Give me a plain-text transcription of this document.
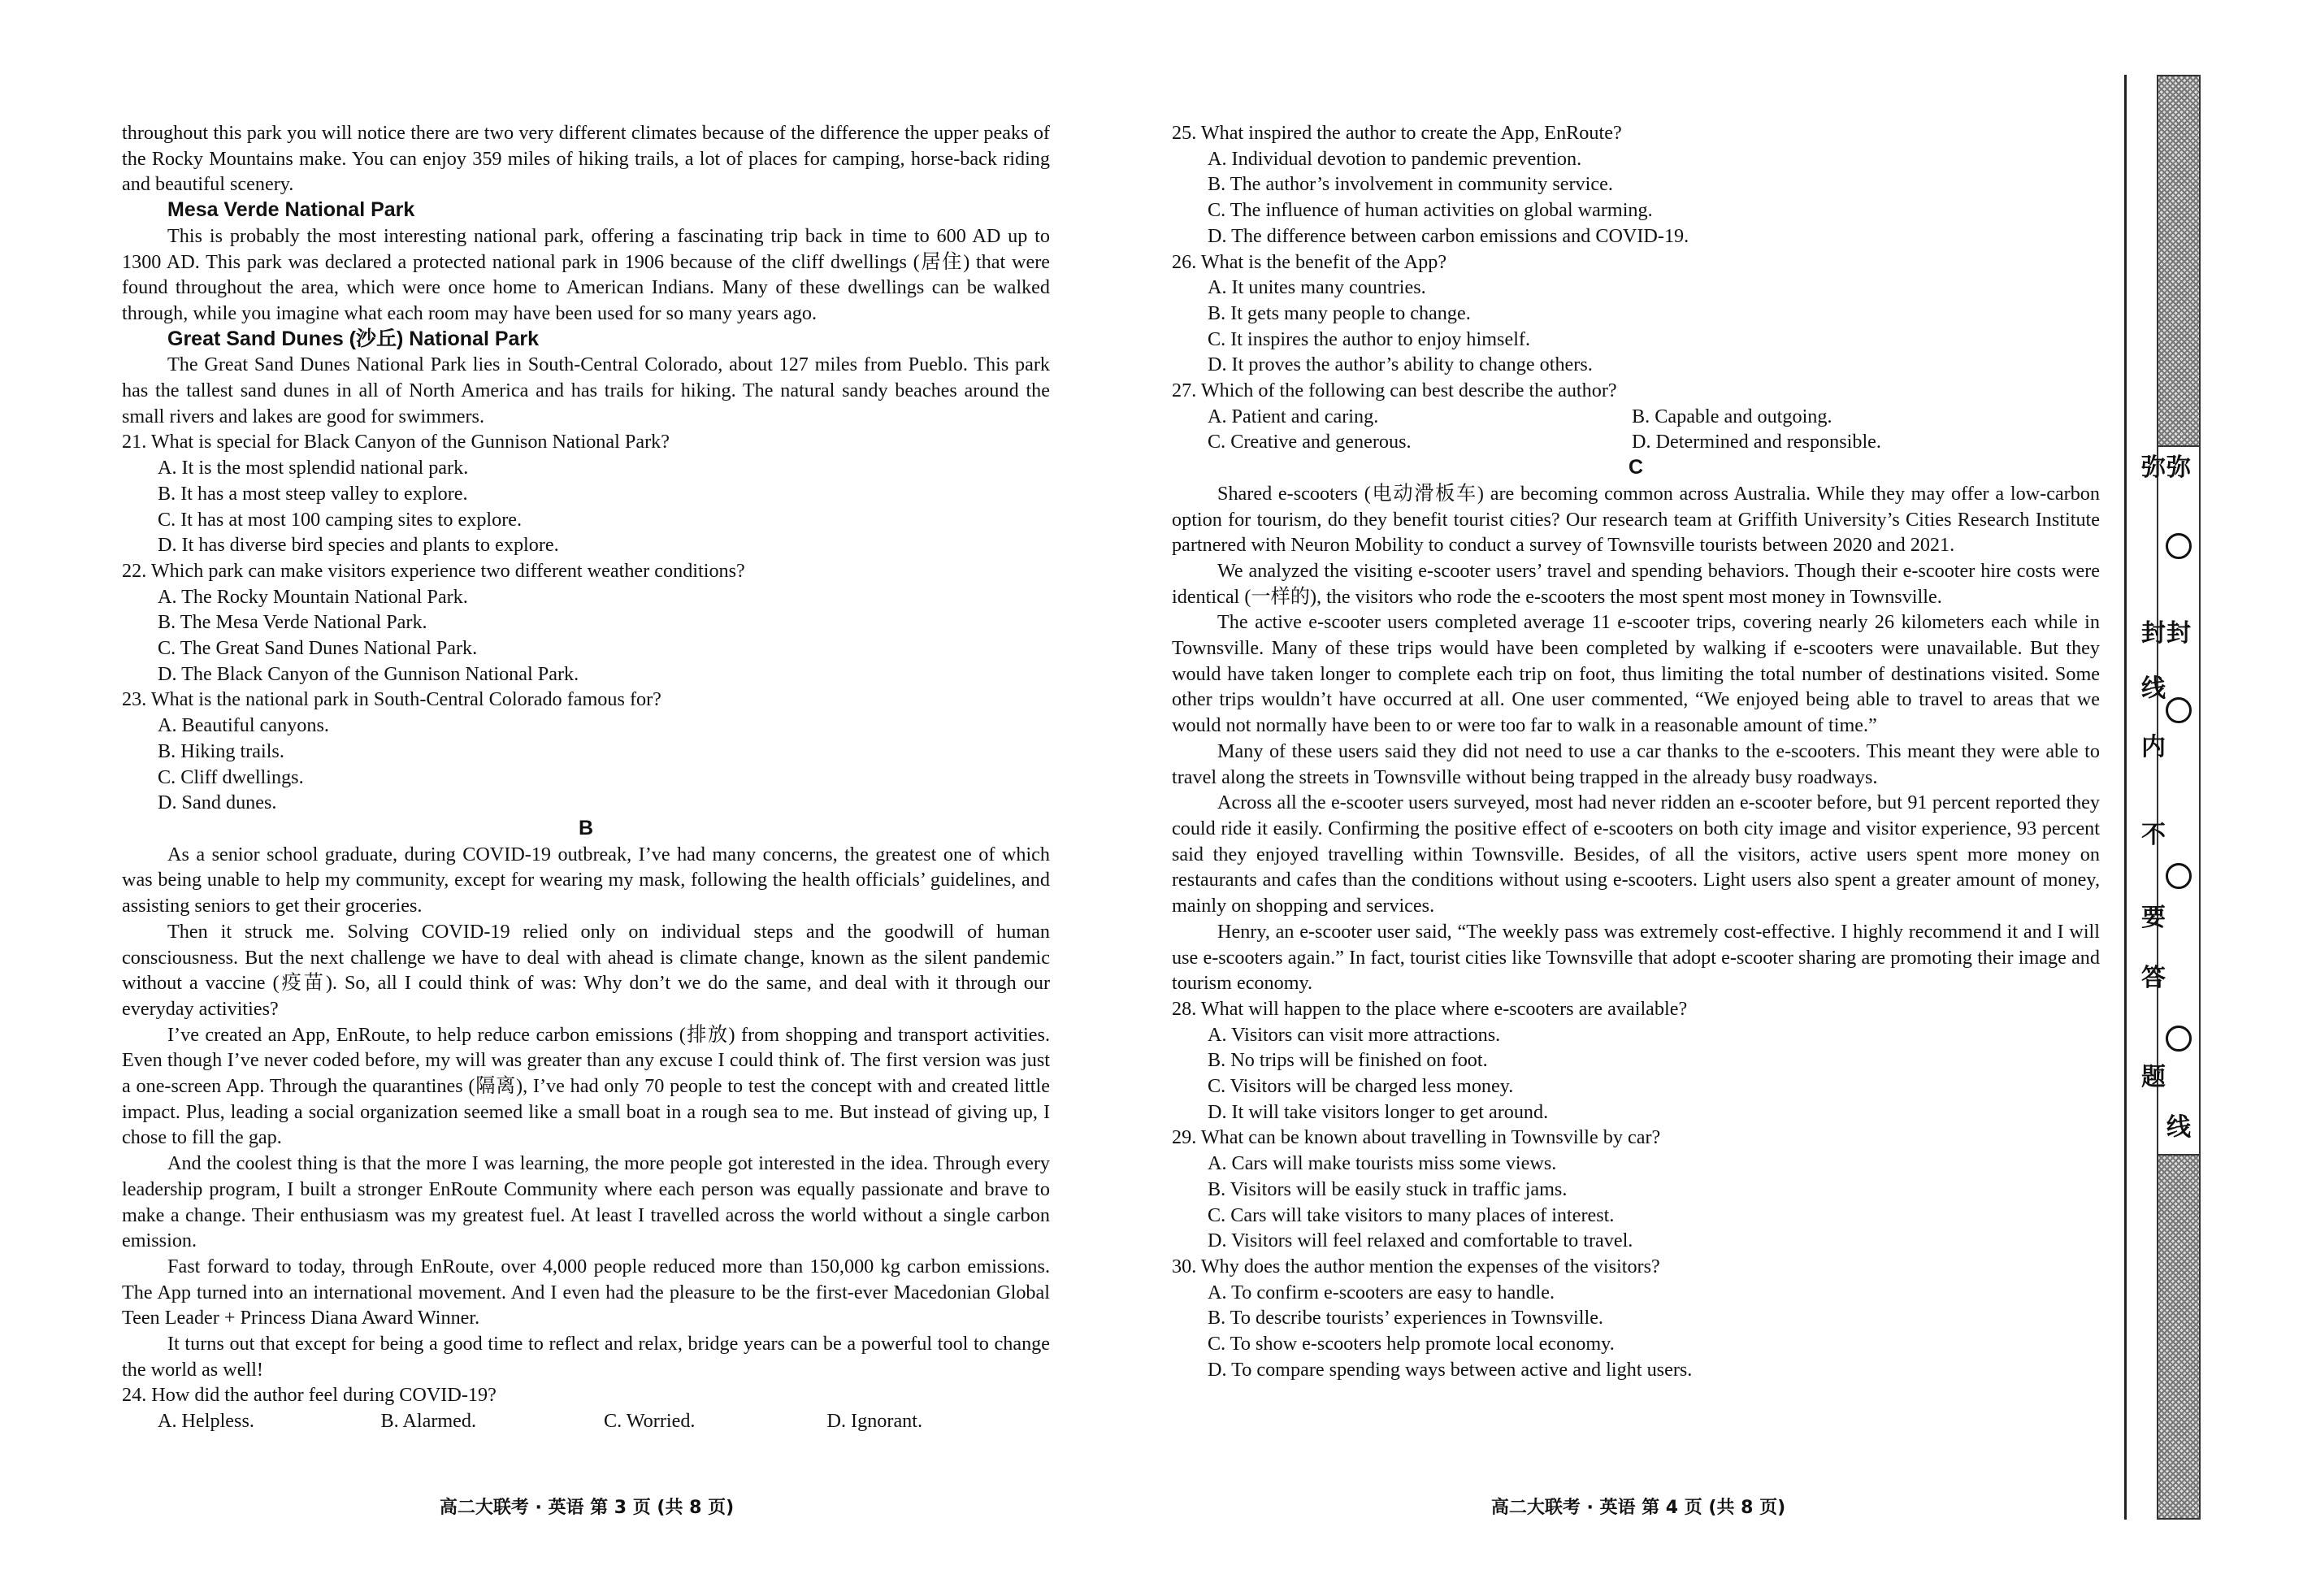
throughout this park you will notice there are two very different climates because of the difference the upper peaks of the Rocky Mountains make. You can enjoy 359 miles of hiking trails, a lot of places for camping, horse-back riding and beautiful scenery.

Mesa Verde National Park

This is probably the most interesting national park, offering a fascinating trip back in time to 600 AD up to 1300 AD. This park was declared a protected national park in 1906 because of the cliff dwellings (居住) that were found throughout the area, which were once home to American Indians. Many of these dwellings can be walked through, while you imagine what each room may have been used for so many years ago.

Great Sand Dunes (沙丘) National Park

The Great Sand Dunes National Park lies in South-Central Colorado, about 127 miles from Pueblo. This park has the tallest sand dunes in all of North America and has trails for hiking. The natural sandy beaches around the small rivers and lakes are good for swimmers.

21. What is special for Black Canyon of the Gunnison National Park?

A. It is the most splendid national park.

B. It has a most steep valley to explore.

C. It has at most 100 camping sites to explore.

D. It has diverse bird species and plants to explore.

22. Which park can make visitors experience two different weather conditions?

A. The Rocky Mountain National Park.

B. The Mesa Verde National Park.

C. The Great Sand Dunes National Park.

D. The Black Canyon of the Gunnison National Park.

23. What is the national park in South-Central Colorado famous for?

A. Beautiful canyons.

B. Hiking trails.

C. Cliff dwellings.

D. Sand dunes.

B

As a senior school graduate, during COVID-19 outbreak, I’ve had many concerns, the greatest one of which was being unable to help my community, except for wearing my mask, following the health officials’ guidelines, and assisting seniors to get their groceries.

Then it struck me. Solving COVID-19 relied only on individual steps and the goodwill of human consciousness. But the next challenge we have to deal with ahead is climate change, known as the silent pandemic without a vaccine (疫苗). So, all I could think of was: Why don’t we do the same, and deal with it through our everyday activities?

I’ve created an App, EnRoute, to help reduce carbon emissions (排放) from shopping and transport activities. Even though I’ve never coded before, my will was greater than any excuse I could think of. The first version was just a one-screen App. Through the quarantines (隔离), I’ve had only 70 people to test the concept with and created little impact. Plus, leading a social organization seemed like a small boat in a rough sea to me. But instead of giving up, I chose to fill the gap.

And the coolest thing is that the more I was learning, the more people got interested in the idea. Through every leadership program, I built a stronger EnRoute Community where each person was equally passionate and brave to make a change. Their enthusiasm was my greatest fuel. At least I travelled across the world without a single carbon emission.

Fast forward to today, through EnRoute, over 4,000 people reduced more than 150,000 kg carbon emissions. The App turned into an international movement. And I even had the pleasure to be the first-ever Macedonian Global Teen Leader + Princess Diana Award Winner.

It turns out that except for being a good time to reflect and relax, bridge years can be a powerful tool to change the world as well!

24. How did the author feel during COVID-19?

A. Helpless.	B. Alarmed.	C. Worried.	D. Ignorant.

25. What inspired the author to create the App, EnRoute?

A. Individual devotion to pandemic prevention.

B. The author’s involvement in community service.

C. The influence of human activities on global warming.

D. The difference between carbon emissions and COVID-19.

26. What is the benefit of the App?

A. It unites many countries.

B. It gets many people to change.

C. It inspires the author to enjoy himself.

D. It proves the author’s ability to change others.

27. Which of the following can best describe the author?

A. Patient and caring.	B. Capable and outgoing.
C. Creative and generous.	D. Determined and responsible.
C

Shared e-scooters (电动滑板车) are becoming common across Australia. While they may offer a low-carbon option for tourism, do they benefit tourist cities? Our research team at Griffith University’s Cities Research Institute partnered with Neuron Mobility to conduct a survey of Townsville tourists between 2020 and 2021.

We analyzed the visiting e-scooter users’ travel and spending behaviors. Though their e-scooter hire costs were identical (一样的), the visitors who rode the e-scooters the most spent most money in Townsville.

The active e-scooter users completed average 11 e-scooter trips, covering nearly 26 kilometers each while in Townsville. Many of these trips would have been completed by walking if e-scooters were unavailable. But they would have taken longer to complete each trip on foot, thus limiting the total number of destinations visited. Some other trips wouldn’t have occurred at all. One user commented, “We enjoyed being able to travel to areas that we would not normally have been to or were too far to walk in a reasonable amount of time.”

Many of these users said they did not need to use a car thanks to the e-scooters. This meant they were able to travel along the streets in Townsville without being trapped in the already busy roadways.

Across all the e-scooter users surveyed, most had never ridden an e-scooter before, but 91 percent reported they could ride it easily. Confirming the positive effect of e-scooters on both city image and visitor experience, 93 percent said they enjoyed travelling within Townsville. Besides, of all the visitors, active users spent more money on restaurants and cafes than the conditions without using e-scooters. Light users also spent a greater amount of money, mainly on shopping and services.

Henry, an e-scooter user said, “The weekly pass was extremely cost-effective. I highly recommend it and I will use e-scooters again.” In fact, tourist cities like Townsville that adopt e-scooter sharing are promoting their image and tourism economy.

28. What will happen to the place where e-scooters are available?

A. Visitors can visit more attractions.

B. No trips will be finished on foot.

C. Visitors will be charged less money.

D. It will take visitors longer to get around.

29. What can be known about travelling in Townsville by car?

A. Cars will make tourists miss some views.

B. Visitors will be easily stuck in traffic jams.

C. Cars will take visitors to many places of interest.

D. Visitors will feel relaxed and comfortable to travel.

30. Why does the author mention the expenses of the visitors?

A. To confirm e-scooters are easy to handle.

B. To describe tourists’ experiences in Townsville.

C. To show e-scooters help promote local economy.

D. To compare spending ways between active and light users.

高二大联考 · 英语 第 3 页 (共 8 页)	高二大联考 · 英语 第 4 页 (共 8 页)
弥
封
线
内
不
要
答
题
弥
封
线
